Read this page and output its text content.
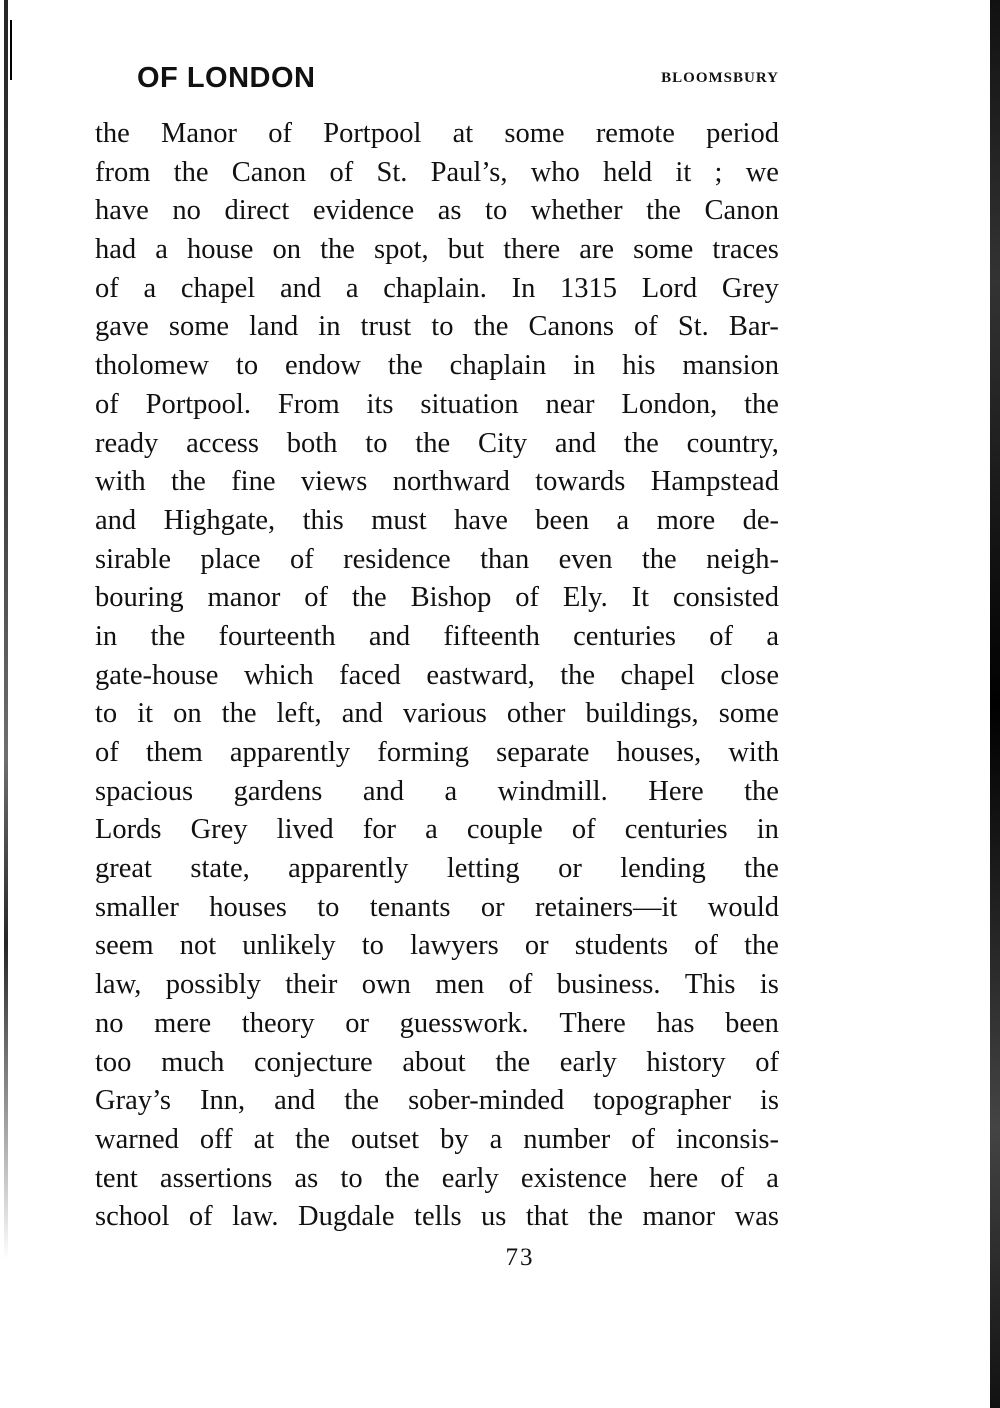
OF LONDON	BLOOMSBURY
the Manor of Portpool at some remote period
from the Canon of St. Paul’s, who held it ; we
have no direct evidence as to whether the Canon
had a house on the spot, but there are some traces
of a chapel and a chaplain. In 1315 Lord Grey
gave some land in trust to the Canons of St. Bar-
tholomew to endow the chaplain in his mansion
of Portpool. From its situation near London, the
ready access both to the City and the country,
with the fine views northward towards Hampstead
and Highgate, this must have been a more de-
sirable place of residence than even the neigh-
bouring manor of the Bishop of Ely. It consisted
in the fourteenth and fifteenth centuries of a
gate-house which faced eastward, the chapel close
to it on the left, and various other buildings, some
of them apparently forming separate houses, with
spacious gardens and a windmill. Here the
Lords Grey lived for a couple of centuries in
great state, apparently letting or lending the
smaller houses to tenants or retainers—it would
seem not unlikely to lawyers or students of the
law, possibly their own men of business. This is
no mere theory or guesswork. There has been
too much conjecture about the early history of
Gray’s Inn, and the sober-minded topographer is
warned off at the outset by a number of inconsis-
tent assertions as to the early existence here of a
school of law. Dugdale tells us that the manor was
73
